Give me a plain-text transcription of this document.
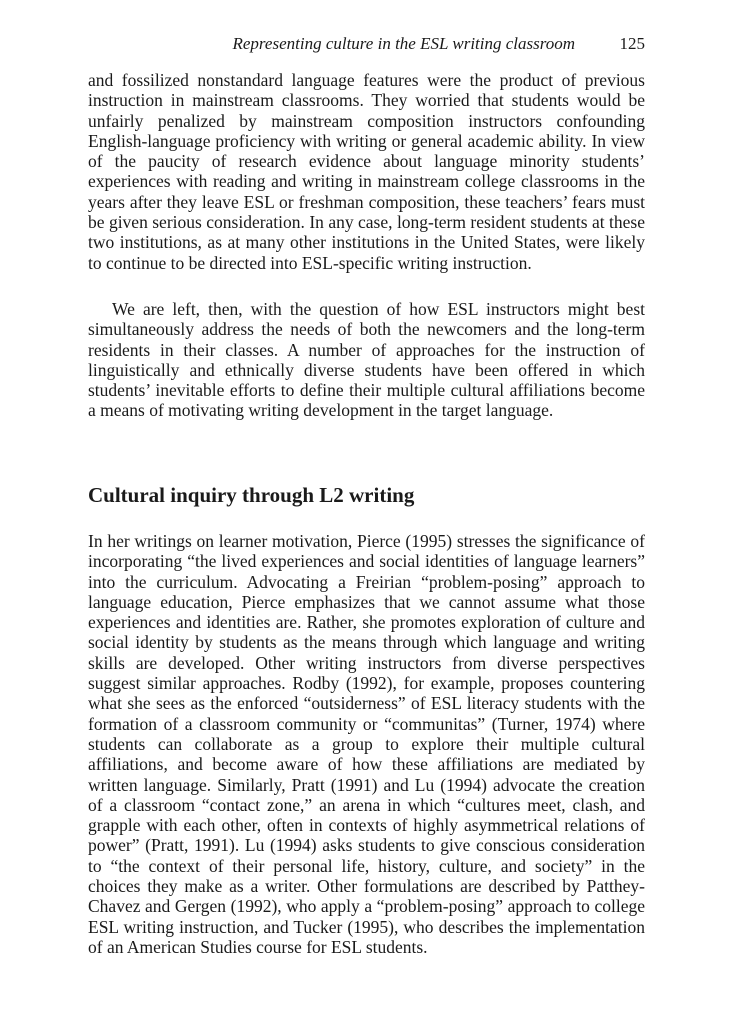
Representing culture in the ESL writing classroom	125

and fossilized nonstandard language features were the product of previous instruction in mainstream classrooms. They worried that students would be unfairly penalized by mainstream composition instructors confounding English-language proficiency with writing or general academic ability. In view of the paucity of research evidence about language minority students’ experiences with reading and writing in mainstream college classrooms in the years after they leave ESL or freshman composition, these teachers’ fears must be given serious consideration. In any case, long-term resident students at these two institutions, as at many other institutions in the United States, were likely to continue to be directed into ESL-specific writing instruction.

We are left, then, with the question of how ESL instructors might best simultaneously address the needs of both the newcomers and the long-term residents in their classes. A number of approaches for the instruction of linguistically and ethnically diverse students have been offered in which students’ inevitable efforts to define their multiple cultural affiliations become a means of motivating writing development in the target language.

Cultural inquiry through L2 writing

In her writings on learner motivation, Pierce (1995) stresses the significance of incorporating “the lived experiences and social identities of language learners” into the curriculum. Advocating a Freirian “problem-posing” approach to language education, Pierce emphasizes that we cannot assume what those experiences and identities are. Rather, she promotes exploration of culture and social identity by students as the means through which language and writing skills are developed. Other writing instructors from diverse perspectives suggest similar approaches. Rodby (1992), for example, proposes countering what she sees as the enforced “outsiderness” of ESL literacy students with the formation of a classroom community or “communitas” (Turner, 1974) where students can collaborate as a group to explore their multiple cultural affiliations, and become aware of how these affiliations are mediated by written language. Similarly, Pratt (1991) and Lu (1994) advocate the creation of a classroom “contact zone,” an arena in which “cultures meet, clash, and grapple with each other, often in contexts of highly asymmetrical relations of power” (Pratt, 1991). Lu (1994) asks students to give conscious consideration to “the context of their personal life, history, culture, and society” in the choices they make as a writer. Other formulations are described by Patthey-Chavez and Gergen (1992), who apply a “problem-posing” approach to college ESL writing instruction, and Tucker (1995), who describes the implementation of an American Studies course for ESL students.
